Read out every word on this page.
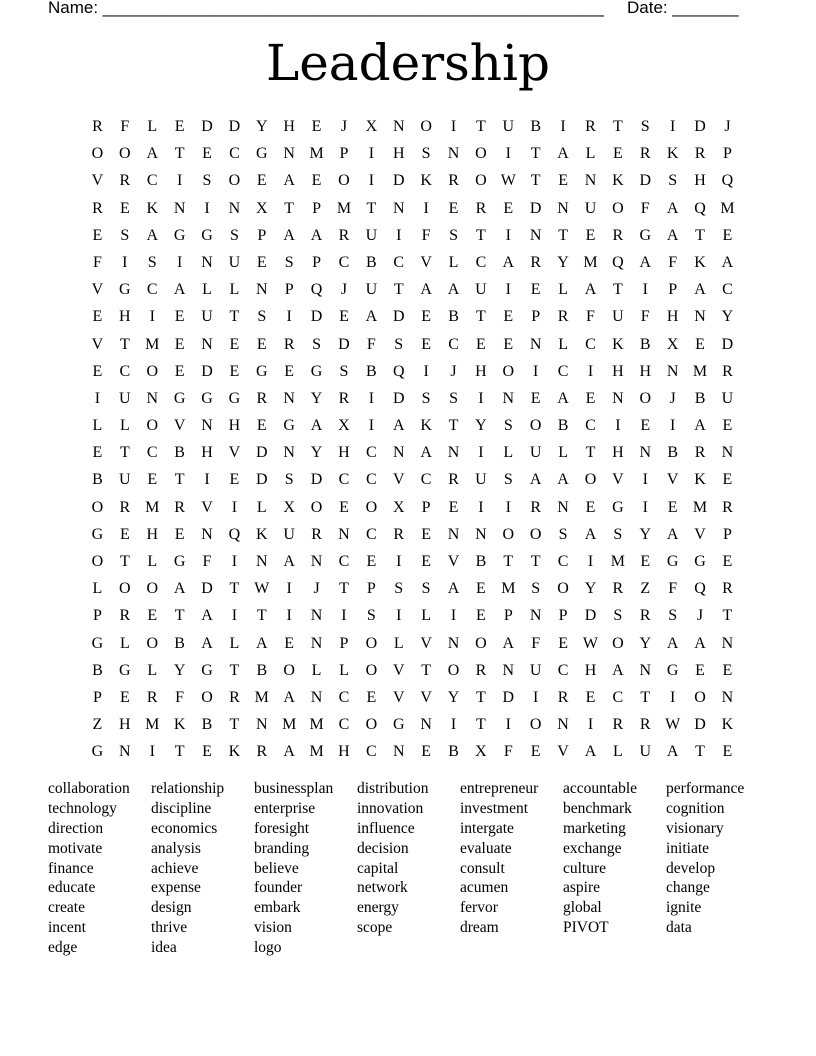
Name: _____________________________________________________ Date: _______
Leadership
R	F	L	E	D D Y H	E	J	X N O	I	T	U B	I	R	T	S	I	D	J
O O A	T	E	C G N M P	I	H	S	N O	I	T	A	L	E	R K R	P
V R	C	I	S	O	E	A	E	O	I	D K R O W T	E	N K D	S	H Q
R	E	K N	I	N X	T	P M T	N	I	E	R	E	D N U O	F	A Q M
E	S	A G G	S	P	A A R U	I	F	S	T	I	N	T	E	R G A	T	E
F	I	S	I	N U	E	S	P	C	B	C V	L	C A R Y M Q A	F	K A
V G C A	L	L	N	P	Q	J	U	T	A A U	I	E	L	A	T	I	P	A C
E	H	I	E	U	T	S	I	D	E	A D	E	B	T	E	P	R	F	U	F	H N Y
V	T M E	N	E	E	R	S	D	F	S	E	C	E	E	N	L	C K B X	E	D
E	C O	E	D	E	G	E	G	S	B Q	I	J	H O	I	C	I	H H N M R
I	U N G G G R N Y R	I	D	S	S	I	N	E	A	E	N O	J	B U
L	L	O V N H	E	G A X	I	A K	T	Y	S	O B	C	I	E	I	A	E
E	T	C	B H V D N Y H C N A N	I	L	U	L	T	H N B	R N
B U	E	T	I	E	D	S	D C	C V C	R U	S	A A O V	I	V K	E
O R M R V	I	L	X O	E	O X	P	E	I	I	R N	E	G	I	E M R
G	E	H	E	N Q K U R N C	R	E	N N O O	S	A	S	Y A V	P
O	T	L	G	F	I	N A N C	E	I	E	V B	T	T	C	I	M E	G G	E
L	O O A D	T W	I	J	T	P	S	S	A	E M S	O Y R	Z	F	Q R
P	R	E	T	A	I	T	I	N	I	S	I	L	I	E	P	N	P	D	S	R	S	J	T
G	L	O B A	L	A	E	N	P	O	L	V N O A	F	E W O Y A A N
B G	L	Y G	T	B O	L	L	O V	T	O R N U C H A N G	E	E
P	E	R	F	O R M A N C	E	V V Y	T	D	I	R	E	C	T	I	O N
Z	H M K B	T	N M M C O G N	I	T	I	O N	I	R	R W D K
G N	I	T	E	K R A M H C N	E	B X	F	E	V A	L	U A	T	E
collaboration
technology
direction
motivate
finance
educate
create
incent
edge
relationship
discipline
economics
analysis
achieve
expense
design
thrive
idea
businessplan
enterprise
foresight
branding
believe
founder
embark
vision
logo
distribution
innovation
influence
decision
capital
network
energy
scope
entrepreneur
investment
intergate
evaluate
consult
acumen
fervor
dream
accountable
benchmark
marketing
exchange
culture
aspire
global
PIVOT
performance
cognition
visionary
initiate
develop
change
ignite
data
